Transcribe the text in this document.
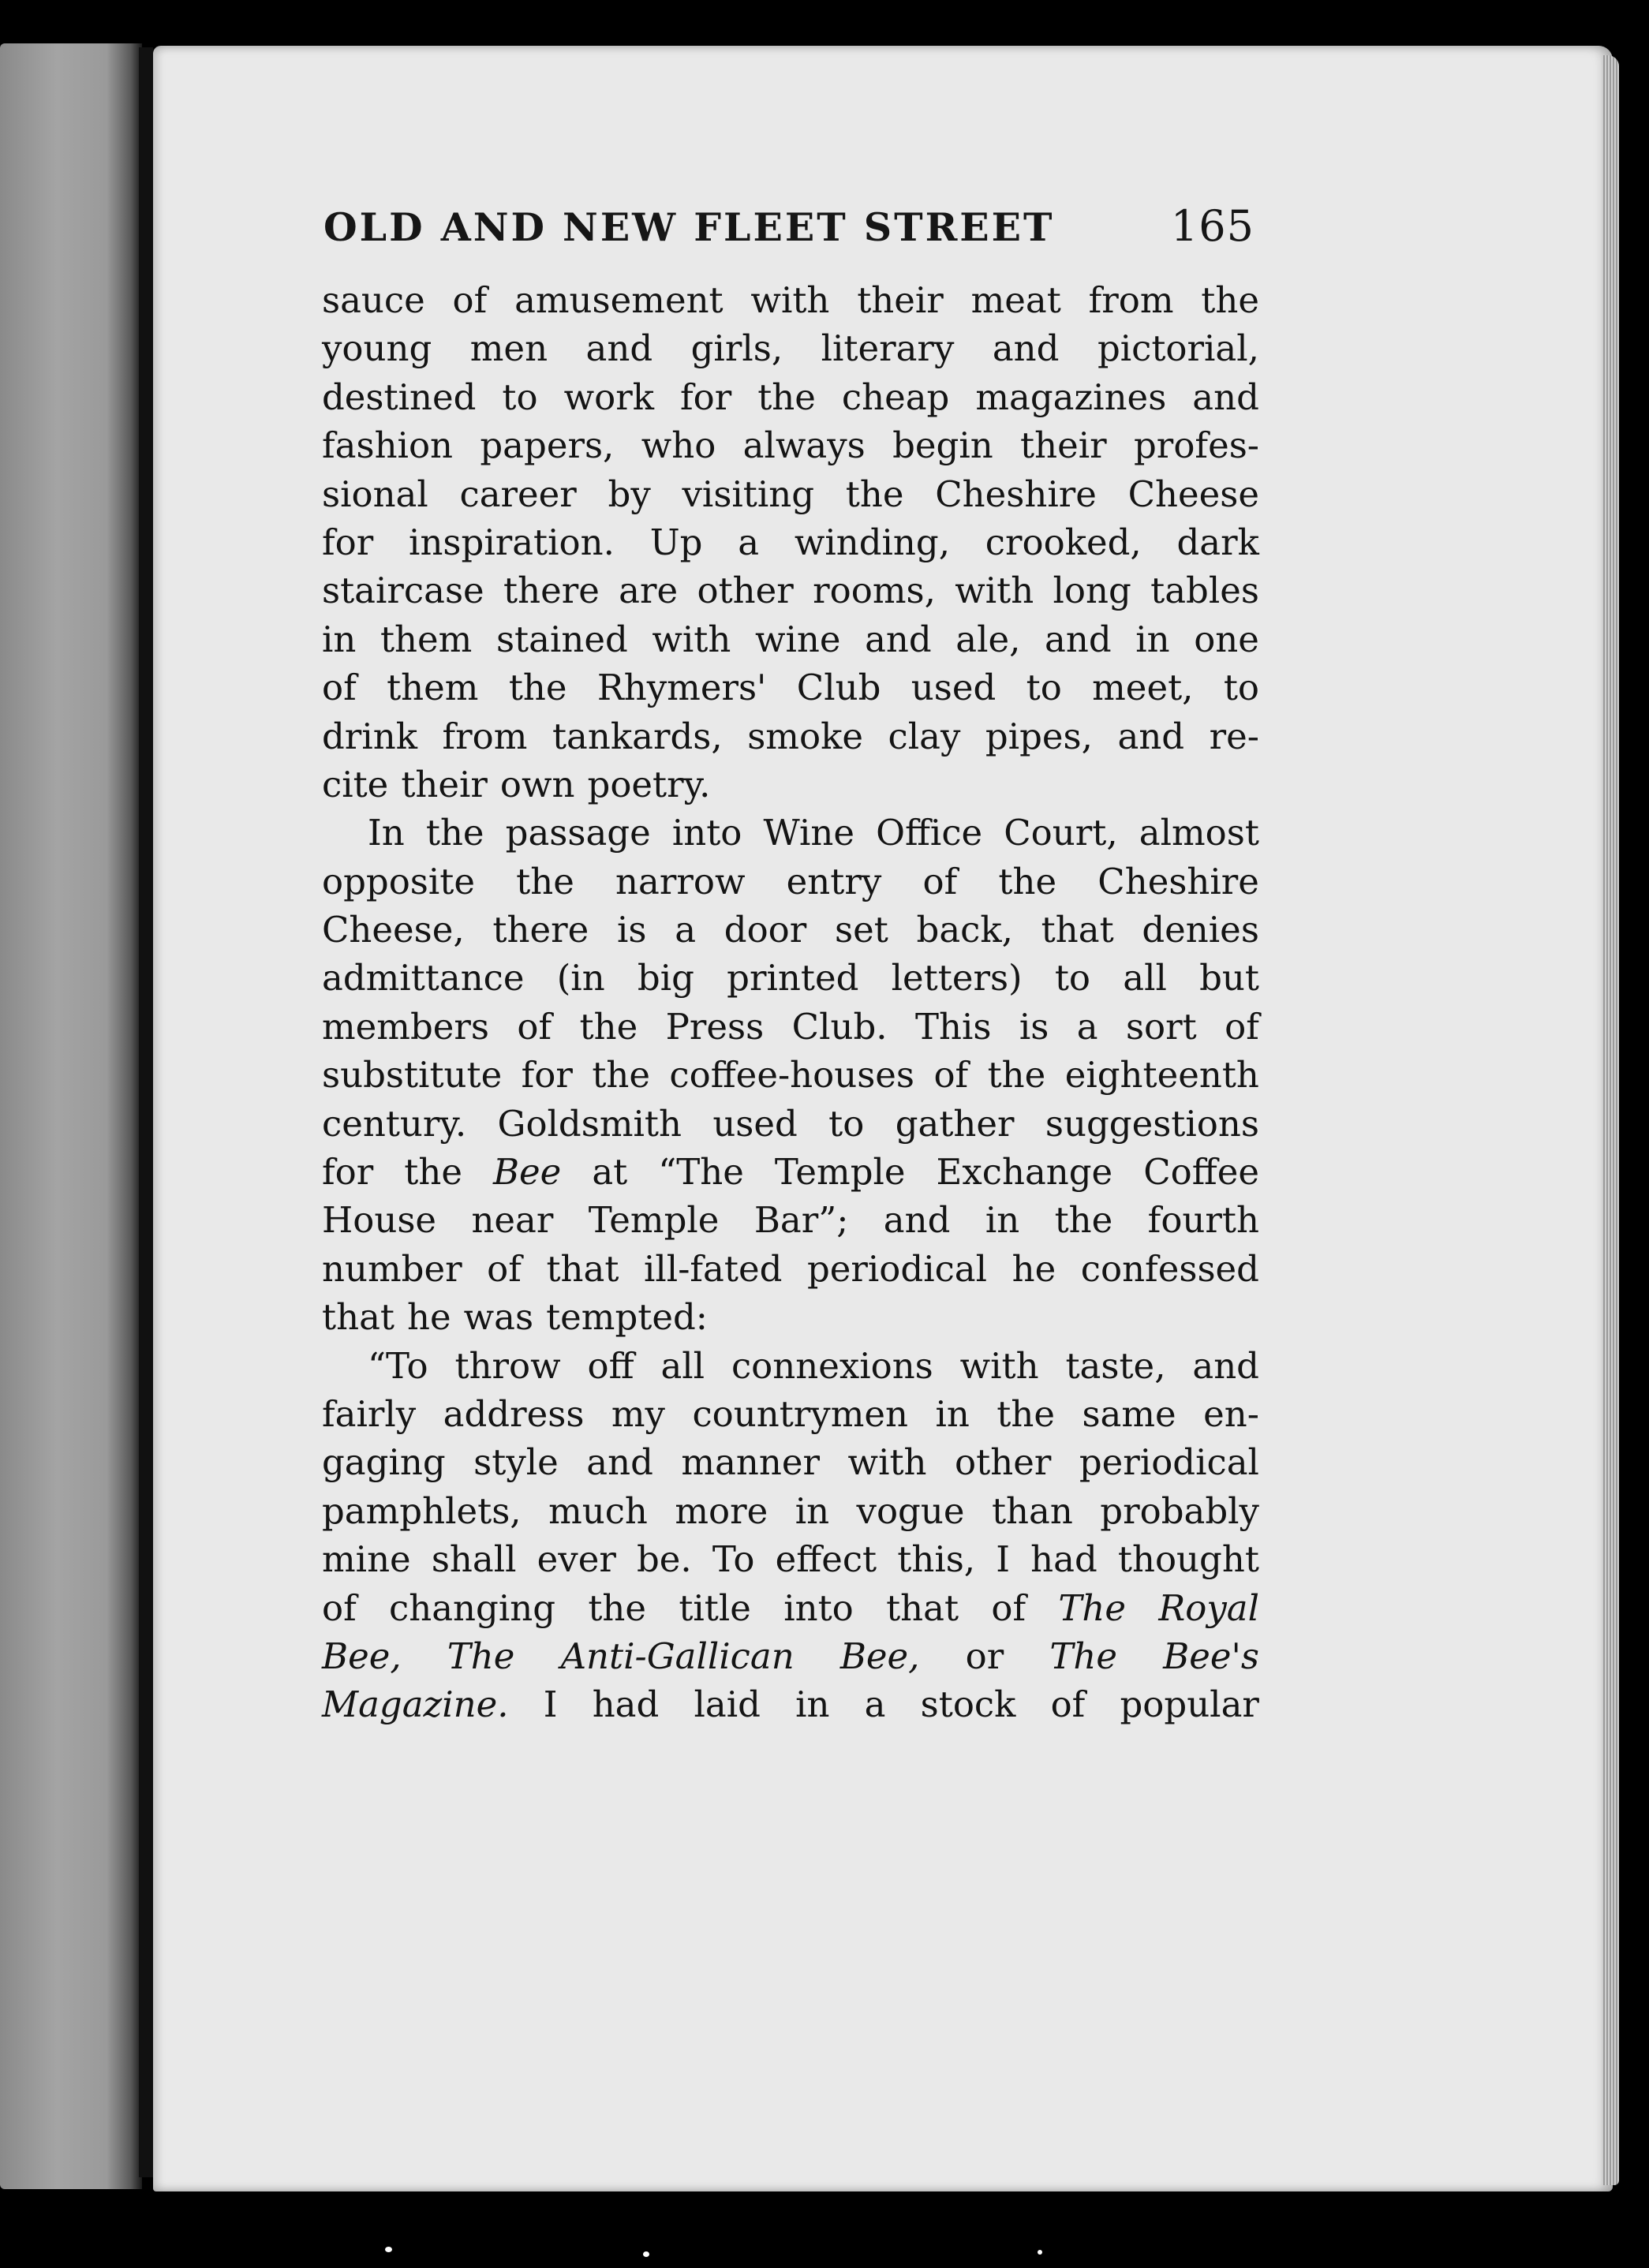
OLD AND NEW FLEET STREET	165
sauce of amusement with their meat from the
young men and girls, literary and pictorial,
destined to work for the cheap magazines and
fashion papers, who always begin their profes-
sional career by visiting the Cheshire Cheese
for inspiration. Up a winding, crooked, dark
staircase there are other rooms, with long tables
in them stained with wine and ale, and in one
of them the Rhymers' Club used to meet, to
drink from tankards, smoke clay pipes, and re-
cite their own poetry.
In the passage into Wine Office Court, almost
opposite the narrow entry of the Cheshire
Cheese, there is a door set back, that denies
admittance (in big printed letters) to all but
members of the Press Club. This is a sort of
substitute for the coffee-houses of the eighteenth
century. Goldsmith used to gather suggestions
for the Bee at “The Temple Exchange Coffee
House near Temple Bar”; and in the fourth
number of that ill-fated periodical he confessed
that he was tempted:
“To throw off all connexions with taste, and
fairly address my countrymen in the same en-
gaging style and manner with other periodical
pamphlets, much more in vogue than probably
mine shall ever be. To effect this, I had thought
of changing the title into that of The Royal
Bee, The Anti-Gallican Bee, or The Bee's
Magazine. I had laid in a stock of popular
